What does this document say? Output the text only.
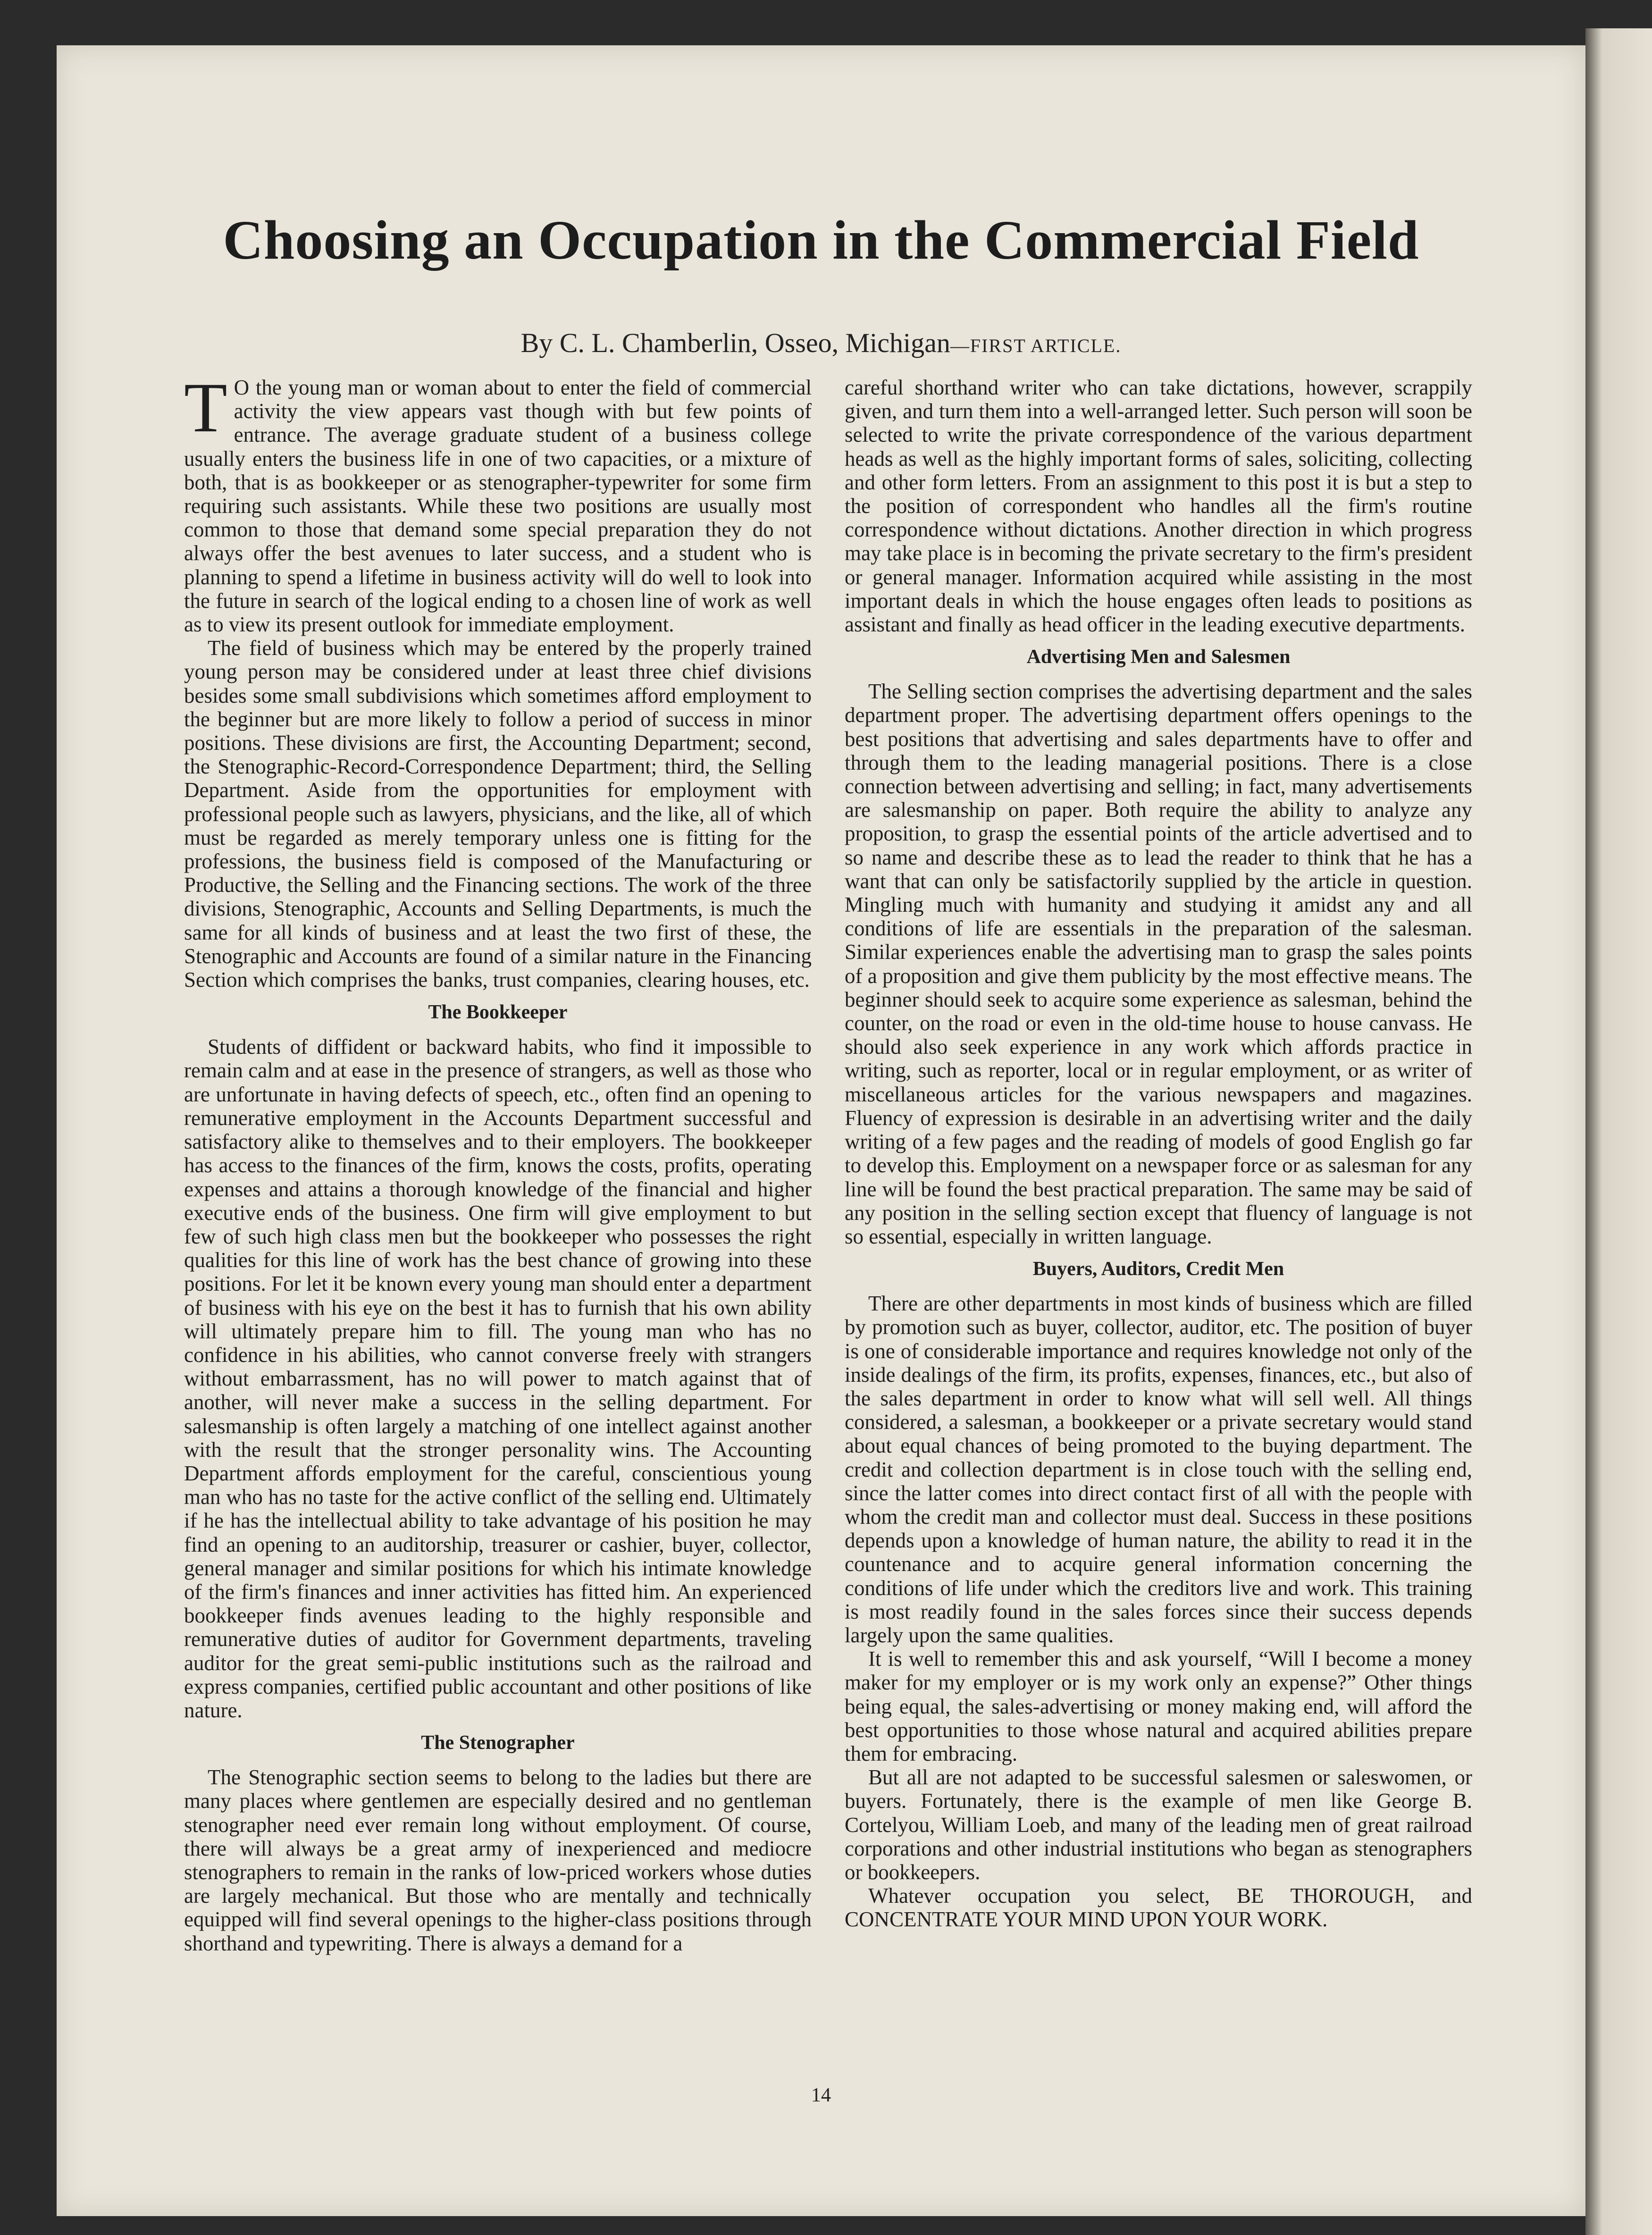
Choosing an Occupation in the Commercial Field
By C. L. Chamberlin, Osseo, Michigan—FIRST ARTICLE.

T O the young man or woman about to enter the field of commercial activity the view appears vast though with but few points of entrance. The average graduate student of a business college usually enters the business life in one of two capacities, or a mixture of both, that is as bookkeeper or as stenographer-typewriter for some firm requiring such assistants. While these two positions are usually most common to those that demand some special preparation they do not always offer the best avenues to later success, and a student who is planning to spend a lifetime in business activity will do well to look into the future in search of the logical ending to a chosen line of work as well as to view its present outlook for immediate employment.

The field of business which may be entered by the properly trained young person may be considered under at least three chief divisions besides some small subdivisions which sometimes afford employment to the beginner but are more likely to follow a period of success in minor positions. These divisions are first, the Accounting Department; second, the Stenographic-Record-Correspondence Department; third, the Selling Department. Aside from the opportunities for employment with professional people such as lawyers, physicians, and the like, all of which must be regarded as merely temporary unless one is fitting for the professions, the business field is composed of the Manufacturing or Productive, the Selling and the Financing sections. The work of the three divisions, Stenographic, Accounts and Selling Departments, is much the same for all kinds of business and at least the two first of these, the Stenographic and Accounts are found of a similar nature in the Financing Section which comprises the banks, trust companies, clearing houses, etc.

The Bookkeeper

Students of diffident or backward habits, who find it impossible to remain calm and at ease in the presence of strangers, as well as those who are unfortunate in having defects of speech, etc., often find an opening to remunerative employment in the Accounts Department successful and satisfactory alike to themselves and to their employers. The bookkeeper has access to the finances of the firm, knows the costs, profits, operating expenses and attains a thorough knowledge of the financial and higher executive ends of the business. One firm will give employment to but few of such high class men but the bookkeeper who possesses the right qualities for this line of work has the best chance of growing into these positions. For let it be known every young man should enter a department of business with his eye on the best it has to furnish that his own ability will ultimately prepare him to fill. The young man who has no confidence in his abilities, who cannot converse freely with strangers without embarrassment, has no will power to match against that of another, will never make a success in the selling department. For salesmanship is often largely a matching of one intellect against another with the result that the stronger personality wins. The Accounting Department affords employment for the careful, conscientious young man who has no taste for the active conflict of the selling end. Ultimately if he has the intellectual ability to take advantage of his position he may find an opening to an auditorship, treasurer or cashier, buyer, collector, general manager and similar positions for which his intimate knowledge of the firm's finances and inner activities has fitted him. An experienced bookkeeper finds avenues leading to the highly responsible and remunerative duties of auditor for Government departments, traveling auditor for the great semi-public institutions such as the railroad and express companies, certified public accountant and other positions of like nature.

The Stenographer

The Stenographic section seems to belong to the ladies but there are many places where gentlemen are especially desired and no gentleman stenographer need ever remain long without employment. Of course, there will always be a great army of inexperienced and mediocre stenographers to remain in the ranks of low-priced workers whose duties are largely mechanical. But those who are mentally and technically equipped will find several openings to the higher-class positions through shorthand and typewriting. There is always a demand for a

careful shorthand writer who can take dictations, however, scrappily given, and turn them into a well-arranged letter. Such person will soon be selected to write the private correspondence of the various department heads as well as the highly important forms of sales, soliciting, collecting and other form letters. From an assignment to this post it is but a step to the position of correspondent who handles all the firm's routine correspondence without dictations. Another direction in which progress may take place is in becoming the private secretary to the firm's president or general manager. Information acquired while assisting in the most important deals in which the house engages often leads to positions as assistant and finally as head officer in the leading executive departments.

Advertising Men and Salesmen

The Selling section comprises the advertising department and the sales department proper. The advertising department offers openings to the best positions that advertising and sales departments have to offer and through them to the leading managerial positions. There is a close connection between advertising and selling; in fact, many advertisements are salesmanship on paper. Both require the ability to analyze any proposition, to grasp the essential points of the article advertised and to so name and describe these as to lead the reader to think that he has a want that can only be satisfactorily supplied by the article in question. Mingling much with humanity and studying it amidst any and all conditions of life are essentials in the preparation of the salesman. Similar experiences enable the advertising man to grasp the sales points of a proposition and give them publicity by the most effective means. The beginner should seek to acquire some experience as salesman, behind the counter, on the road or even in the old-time house to house canvass. He should also seek experience in any work which affords practice in writing, such as reporter, local or in regular employment, or as writer of miscellaneous articles for the various newspapers and magazines. Fluency of expression is desirable in an advertising writer and the daily writing of a few pages and the reading of models of good English go far to develop this. Employment on a newspaper force or as salesman for any line will be found the best practical preparation. The same may be said of any position in the selling section except that fluency of language is not so essential, especially in written language.

Buyers, Auditors, Credit Men

There are other departments in most kinds of business which are filled by promotion such as buyer, collector, auditor, etc. The position of buyer is one of considerable importance and requires knowledge not only of the inside dealings of the firm, its profits, expenses, finances, etc., but also of the sales department in order to know what will sell well. All things considered, a salesman, a bookkeeper or a private secretary would stand about equal chances of being promoted to the buying department. The credit and collection department is in close touch with the selling end, since the latter comes into direct contact first of all with the people with whom the credit man and collector must deal. Success in these positions depends upon a knowledge of human nature, the ability to read it in the countenance and to acquire general information concerning the conditions of life under which the creditors live and work. This training is most readily found in the sales forces since their success depends largely upon the same qualities.

It is well to remember this and ask yourself, “Will I become a money maker for my employer or is my work only an expense?” Other things being equal, the sales-advertising or money making end, will afford the best opportunities to those whose natural and acquired abilities prepare them for embracing.

But all are not adapted to be successful salesmen or saleswomen, or buyers. Fortunately, there is the example of men like George B. Cortelyou, William Loeb, and many of the leading men of great railroad corporations and other industrial institutions who began as stenographers or bookkeepers.

Whatever occupation you select, BE THOROUGH, and CONCENTRATE YOUR MIND UPON YOUR WORK.

14
